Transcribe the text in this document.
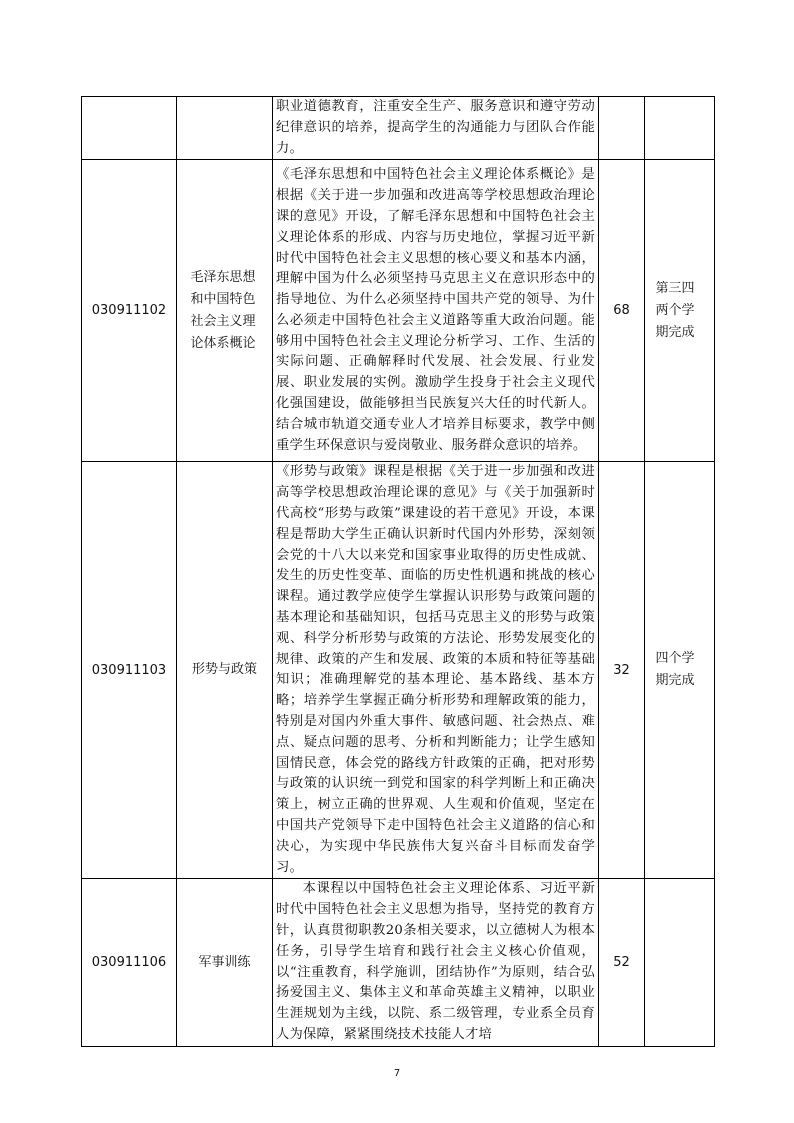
		职业道德教育，注重安全生产、服务意识和遵守劳动纪律意识的培养，提高学生的沟通能力与团队合作能力。		

030911102	毛泽东思想和中国特色社会主义理论体系概论	《毛泽东思想和中国特色社会主义理论体系概论》是根据《关于进一步加强和改进高等学校思想政治理论课的意见》开设，了解毛泽东思想和中国特色社会主义理论体系的形成、内容与历史地位，掌握习近平新时代中国特色社会主义思想的核心要义和基本内涵，理解中国为什么必须坚持马克思主义在意识形态中的指导地位、为什么必须坚持中国共产党的领导、为什么必须走中国特色社会主义道路等重大政治问题。能够用中国特色社会主义理论分析学习、工作、生活的实际问题、正确解释时代发展、社会发展、行业发展、职业发展的实例。激励学生投身于社会主义现代化强国建设，做能够担当民族复兴大任的时代新人。结合城市轨道交通专业人才培养目标要求，教学中侧重学生环保意识与爱岗敬业、服务群众意识的培养。	68	第三四两个学期完成
030911103	形势与政策	《形势与政策》课程是根据《关于进一步加强和改进高等学校思想政治理论课的意见》与《关于加强新时代高校“形势与政策”课建设的若干意见》开设，本课程是帮助大学生正确认识新时代国内外形势，深刻领会党的十八大以来党和国家事业取得的历史性成就、发生的历史性变革、面临的历史性机遇和挑战的核心课程。通过教学应使学生掌握认识形势与政策问题的基本理论和基础知识，包括马克思主义的形势与政策观、科学分析形势与政策的方法论、形势发展变化的规律、政策的产生和发展、政策的本质和特征等基础知识；准确理解党的基本理论、基本路线、基本方略；培养学生掌握正确分析形势和理解政策的能力，特别是对国内外重大事件、敏感问题、社会热点、难点、疑点问题的思考、分析和判断能力；让学生感知国情民意，体会党的路线方针政策的正确，把对形势与政策的认识统一到党和国家的科学判断上和正确决策上，树立正确的世界观、人生观和价值观，坚定在中国共产党领导下走中国特色社会主义道路的信心和决心，为实现中华民族伟大复兴奋斗目标而发奋学习。	32	四个学期完成
030911106	军事训练	本课程以中国特色社会主义理论体系、习近平新时代中国特色社会主义思想为指导，坚持党的教育方针，认真贯彻职教20条相关要求，以立德树人为根本任务，引导学生培育和践行社会主义核心价值观，以“注重教育，科学施训，团结协作”为原则，结合弘扬爱国主义、集体主义和革命英雄主义精神，以职业生涯规划为主线，以院、系二级管理，专业系全员育人为保障，紧紧围绕技术技能人才培	52	
7
